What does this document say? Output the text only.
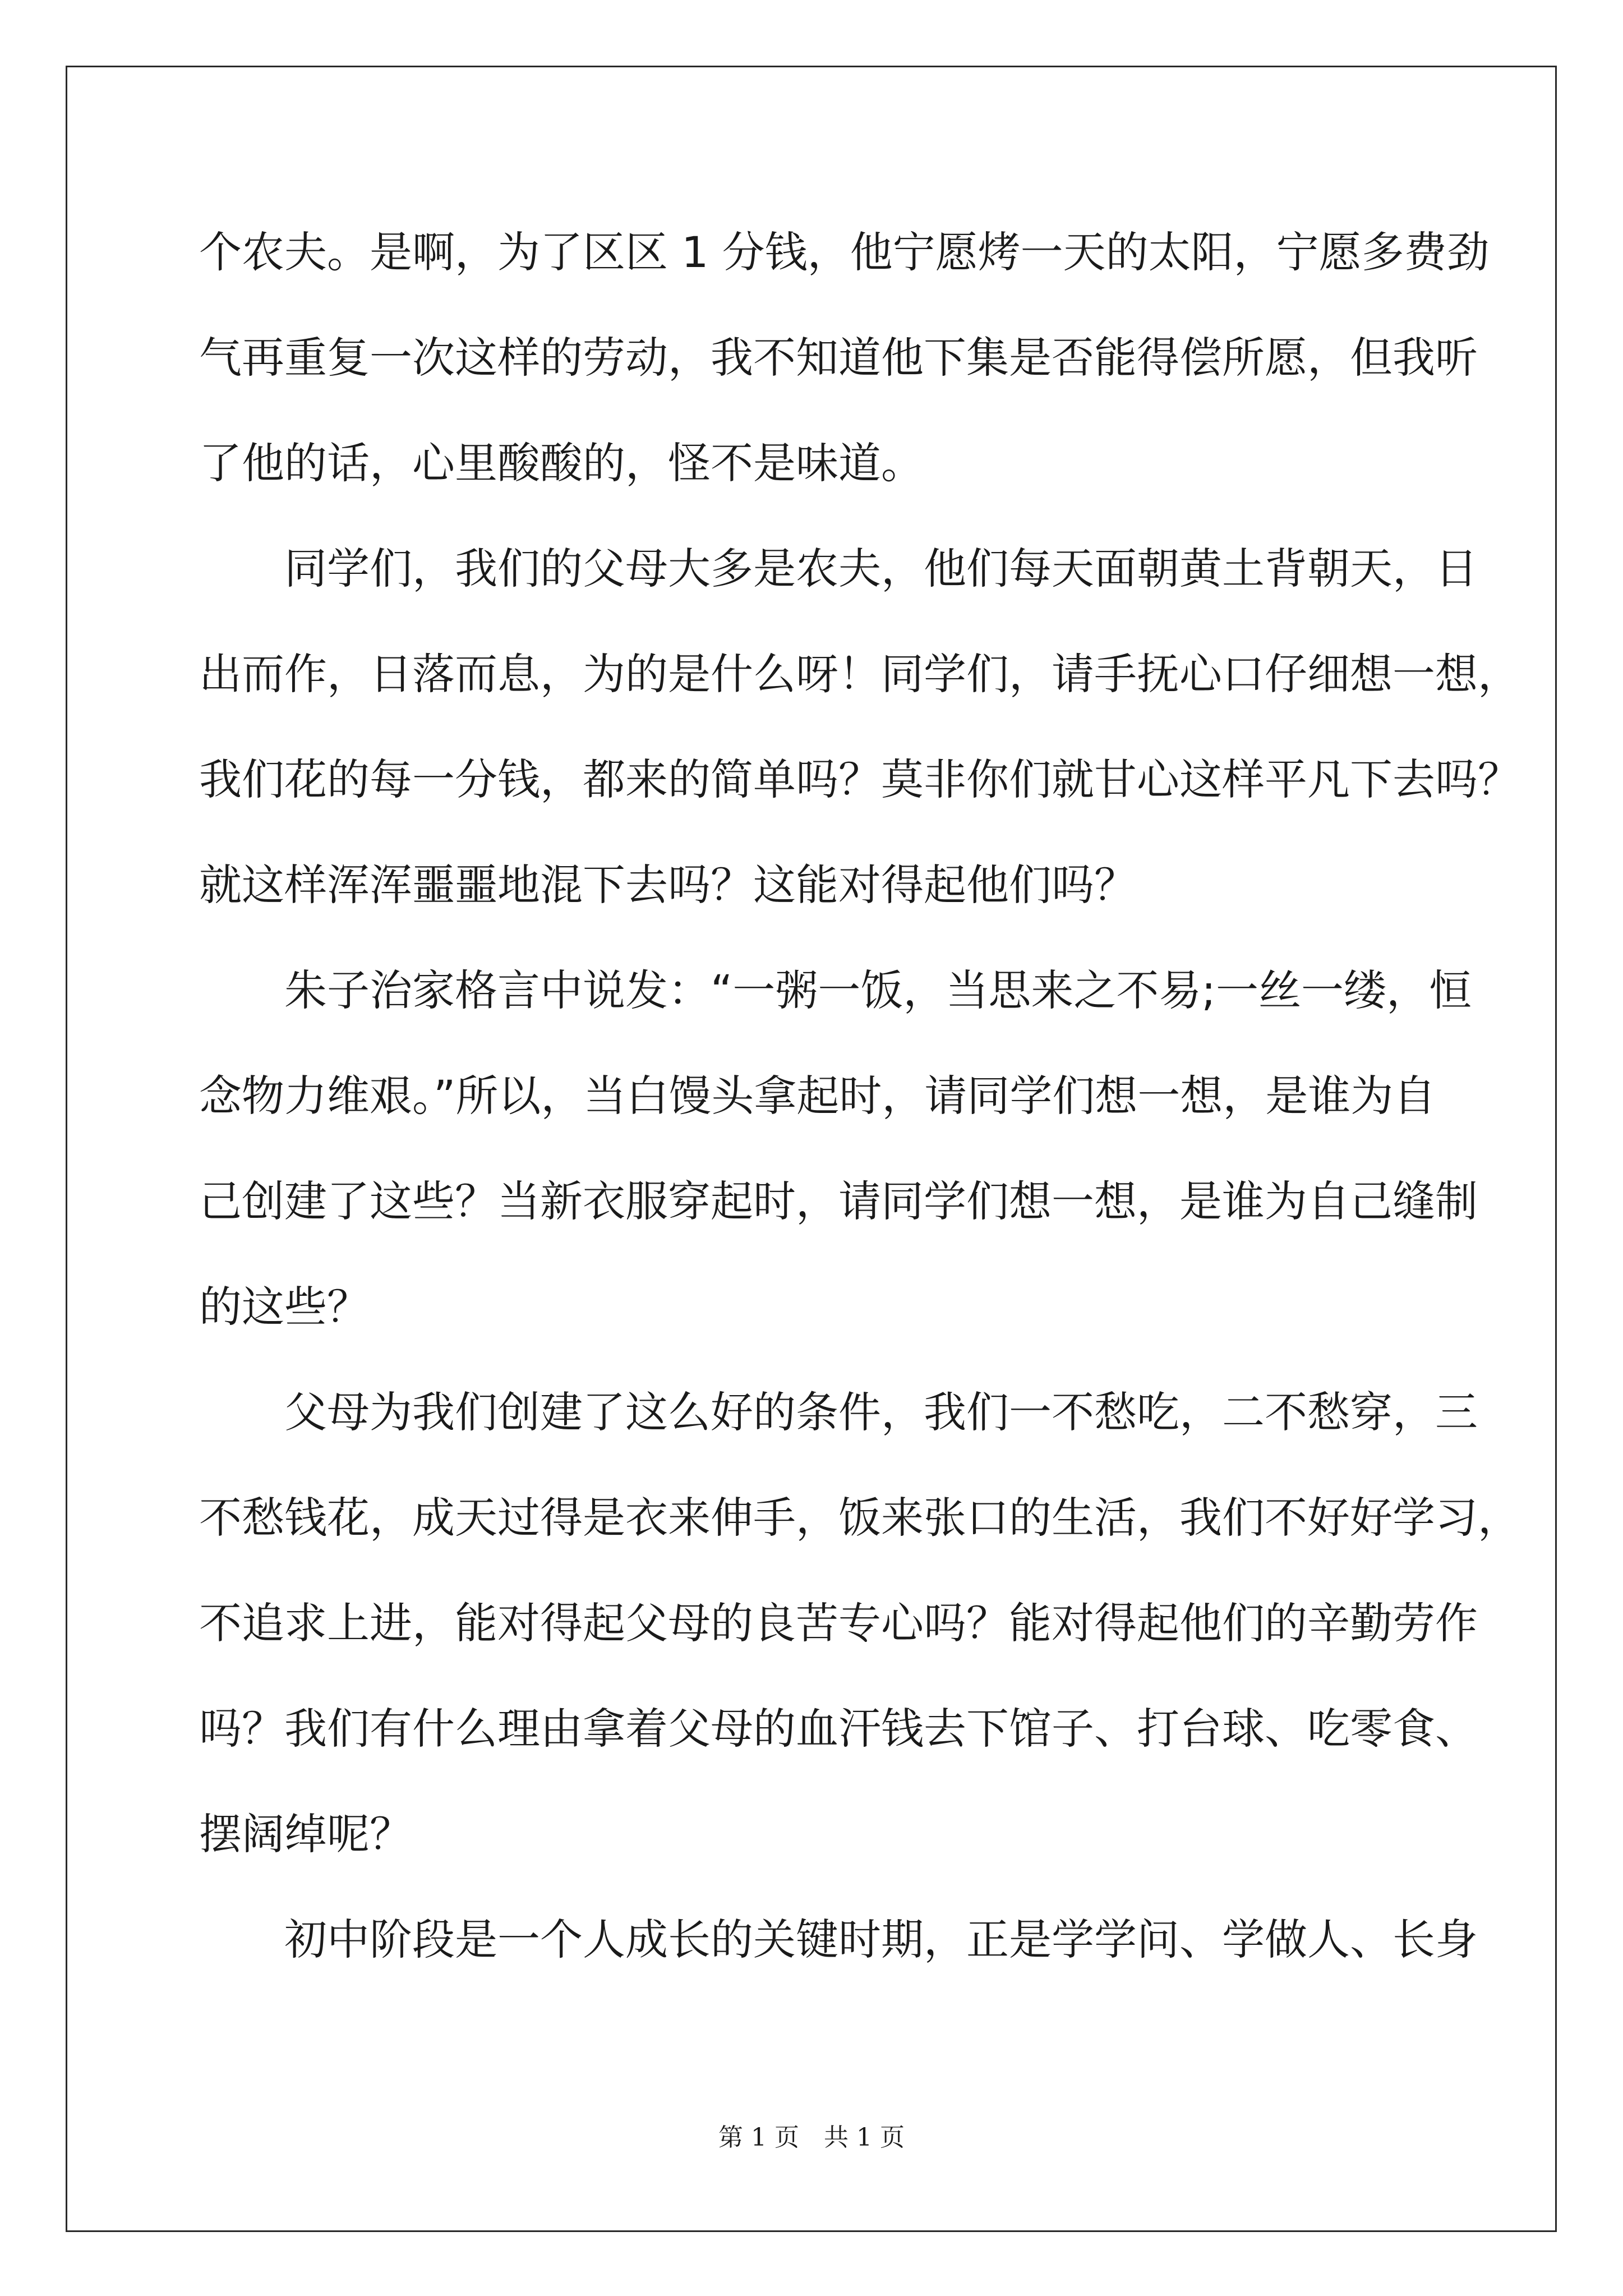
个农夫。是啊，为了区区 1 分钱，他宁愿烤一天的太阳，宁愿多费劲
气再重复一次这样的劳动，我不知道他下集是否能得偿所愿，但我听
了他的话，心里酸酸的，怪不是味道。
　　同学们，我们的父母大多是农夫，他们每天面朝黄土背朝天，日
出而作，日落而息，为的是什么呀！同学们，请手抚心口仔细想一想，
我们花的每一分钱，都来的简单吗？莫非你们就甘心这样平凡下去吗？
就这样浑浑噩噩地混下去吗？这能对得起他们吗？
　　朱子治家格言中说发：“一粥一饭，当思来之不易;一丝一缕，恒
念物力维艰。”所以，当白馒头拿起时，请同学们想一想，是谁为自
己创建了这些？当新衣服穿起时，请同学们想一想，是谁为自己缝制
的这些？
　　父母为我们创建了这么好的条件，我们一不愁吃，二不愁穿，三
不愁钱花，成天过得是衣来伸手，饭来张口的生活，我们不好好学习，
不追求上进，能对得起父母的良苦专心吗？能对得起他们的辛勤劳作
吗？我们有什么理由拿着父母的血汗钱去下馆子、打台球、吃零食、
摆阔绰呢？
　　初中阶段是一个人成长的关键时期，正是学学问、学做人、长身
第 1 页　共 1 页
